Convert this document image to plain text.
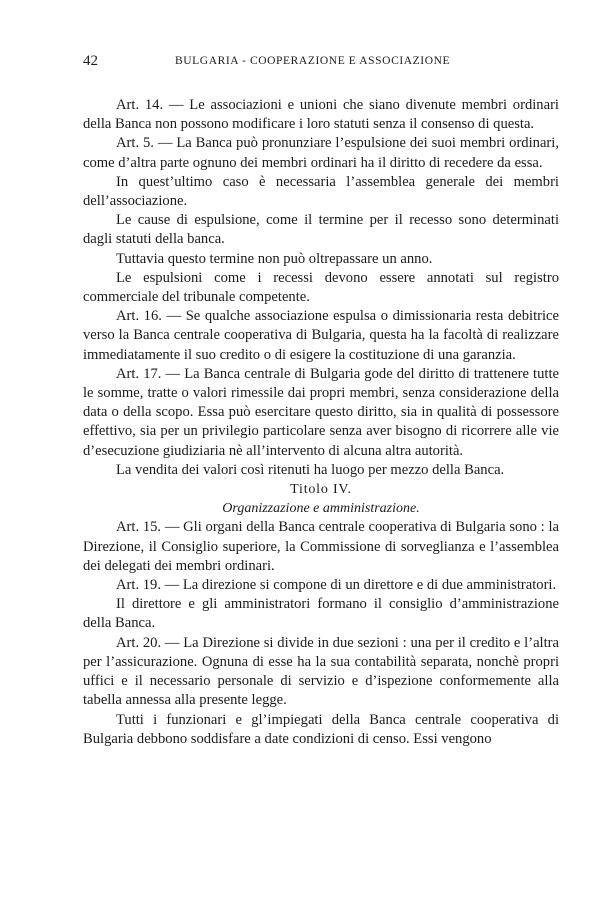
42	BULGARIA - COOPERAZIONE E ASSOCIAZIONE

Art. 14. — Le associazioni e unioni che siano divenute membri ordinari della Banca non possono modificare i loro statuti senza il consenso di questa.

Art. 5. — La Banca può pronunziare l’espulsione dei suoi membri ordinari, come d’altra parte ognuno dei membri ordinari ha il diritto di recedere da essa.

In quest’ultimo caso è necessaria l’assemblea generale dei membri dell’associazione.

Le cause di espulsione, come il termine per il recesso sono determinati dagli statuti della banca.

Tuttavia questo termine non può oltrepassare un anno.

Le espulsioni come i recessi devono essere annotati sul registro commerciale del tribunale competente.

Art. 16. — Se qualche associazione espulsa o dimissionaria resta debitrice verso la Banca centrale cooperativa di Bulgaria, questa ha la facoltà di realizzare immediatamente il suo credito o di esigere la costituzione di una garanzia.

Art. 17. — La Banca centrale di Bulgaria gode del diritto di trattenere tutte le somme, tratte o valori rimessile dai propri membri, senza considerazione della data o della scopo. Essa può esercitare questo diritto, sia in qualità di possessore effettivo, sia per un privilegio particolare senza aver bisogno di ricorrere alle vie d’esecuzione giudiziaria nè all’intervento di alcuna altra autorità.

La vendita dei valori così ritenuti ha luogo per mezzo della Banca.

Titolo IV.

Organizzazione e amministrazione.

Art. 15. — Gli organi della Banca centrale cooperativa di Bulgaria sono : la Direzione, il Consiglio superiore, la Commissione di sorveglianza e l’assemblea dei delegati dei membri ordinari.

Art. 19. — La direzione si compone di un direttore e di due amministratori.

Il direttore e gli amministratori formano il consiglio d’amministrazione della Banca.

Art. 20. — La Direzione si divide in due sezioni : una per il credito e l’altra per l’assicurazione. Ognuna di esse ha la sua contabilità separata, nonchè propri uffici e il necessario personale di servizio e d’ispezione conformemente alla tabella annessa alla presente legge.

Tutti i funzionari e gl’impiegati della Banca centrale cooperativa di Bulgaria debbono soddisfare a date condizioni di censo. Essi vengono
